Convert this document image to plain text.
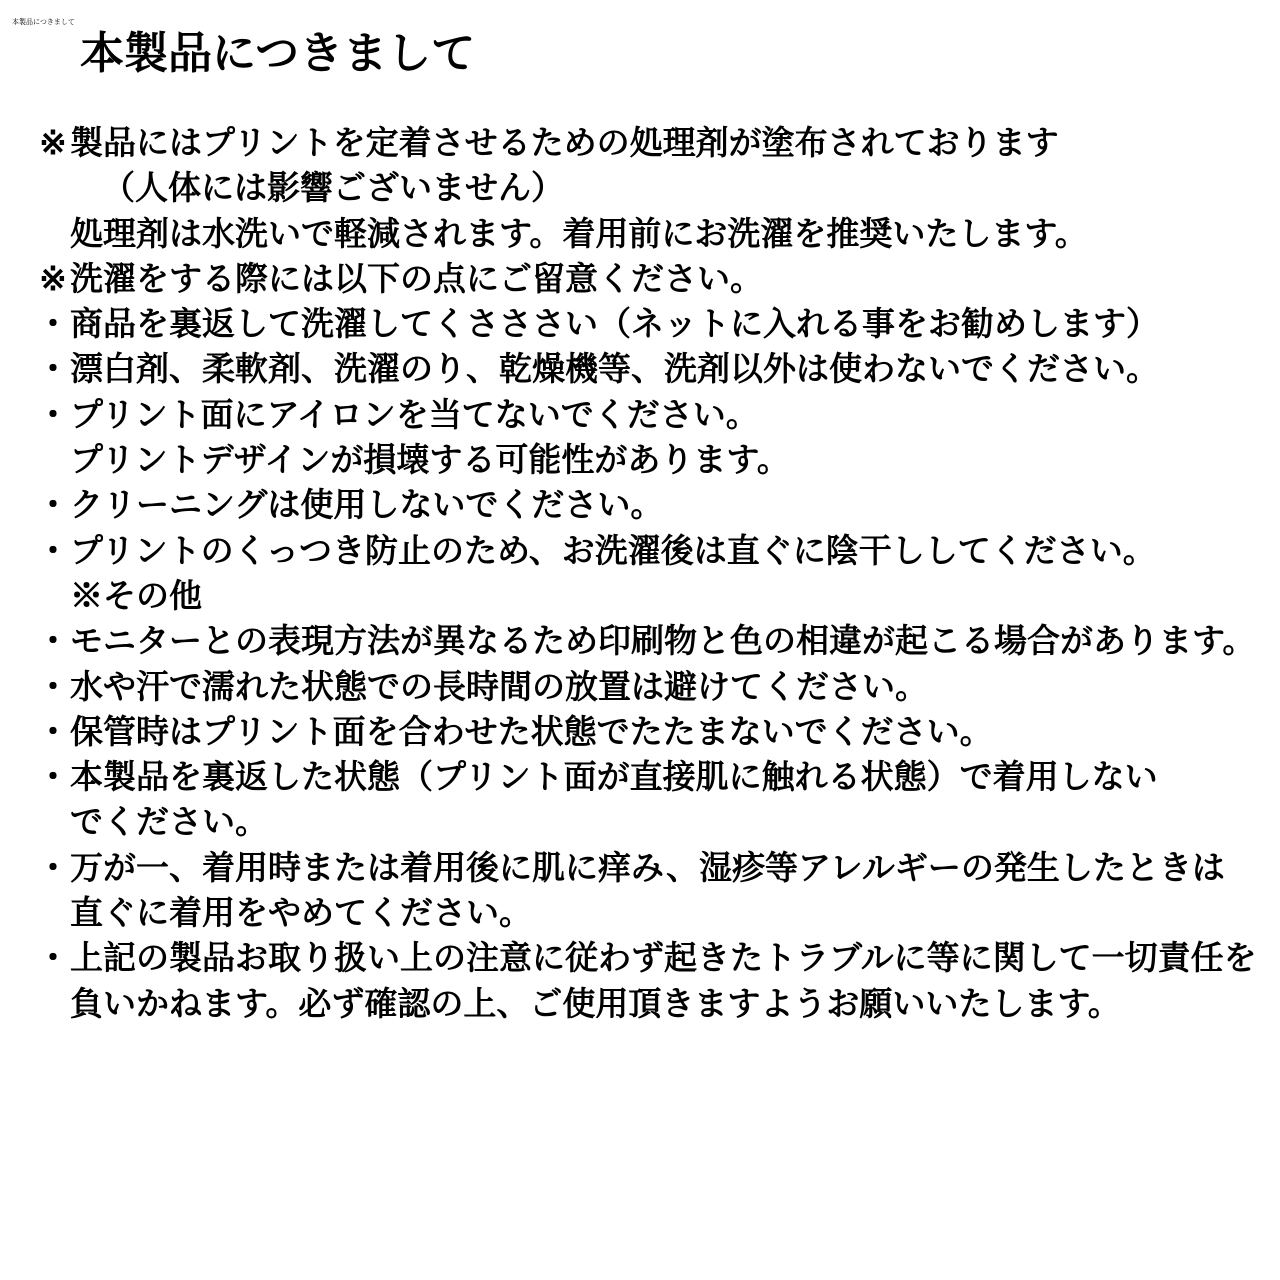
本製品につきまして
本製品につきまして
※製品にはプリントを定着させるための処理剤が塗布されております
（人体には影響ございません）
処理剤は水洗いで軽減されます。着用前にお洗濯を推奨いたします。
※洗濯をする際には以下の点にご留意ください。
・商品を裏返して洗濯してくさささい（ネットに入れる事をお勧めします）
・漂白剤、柔軟剤、洗濯のり、乾燥機等、洗剤以外は使わないでください。
・プリント面にアイロンを当てないでください。
プリントデザインが損壊する可能性があります。
・クリーニングは使用しないでください。
・プリントのくっつき防止のため、お洗濯後は直ぐに陰干ししてください。
※その他
・モニターとの表現方法が異なるため印刷物と色の相違が起こる場合があります。
・水や汗で濡れた状態での長時間の放置は避けてください。
・保管時はプリント面を合わせた状態でたたまないでください。
・本製品を裏返した状態（プリント面が直接肌に触れる状態）で着用しない
でください。
・万が一、着用時または着用後に肌に痒み、湿疹等アレルギーの発生したときは
直ぐに着用をやめてください。
・上記の製品お取り扱い上の注意に従わず起きたトラブルに等に関して一切責任を
負いかねます。必ず確認の上、ご使用頂きますようお願いいたします。
